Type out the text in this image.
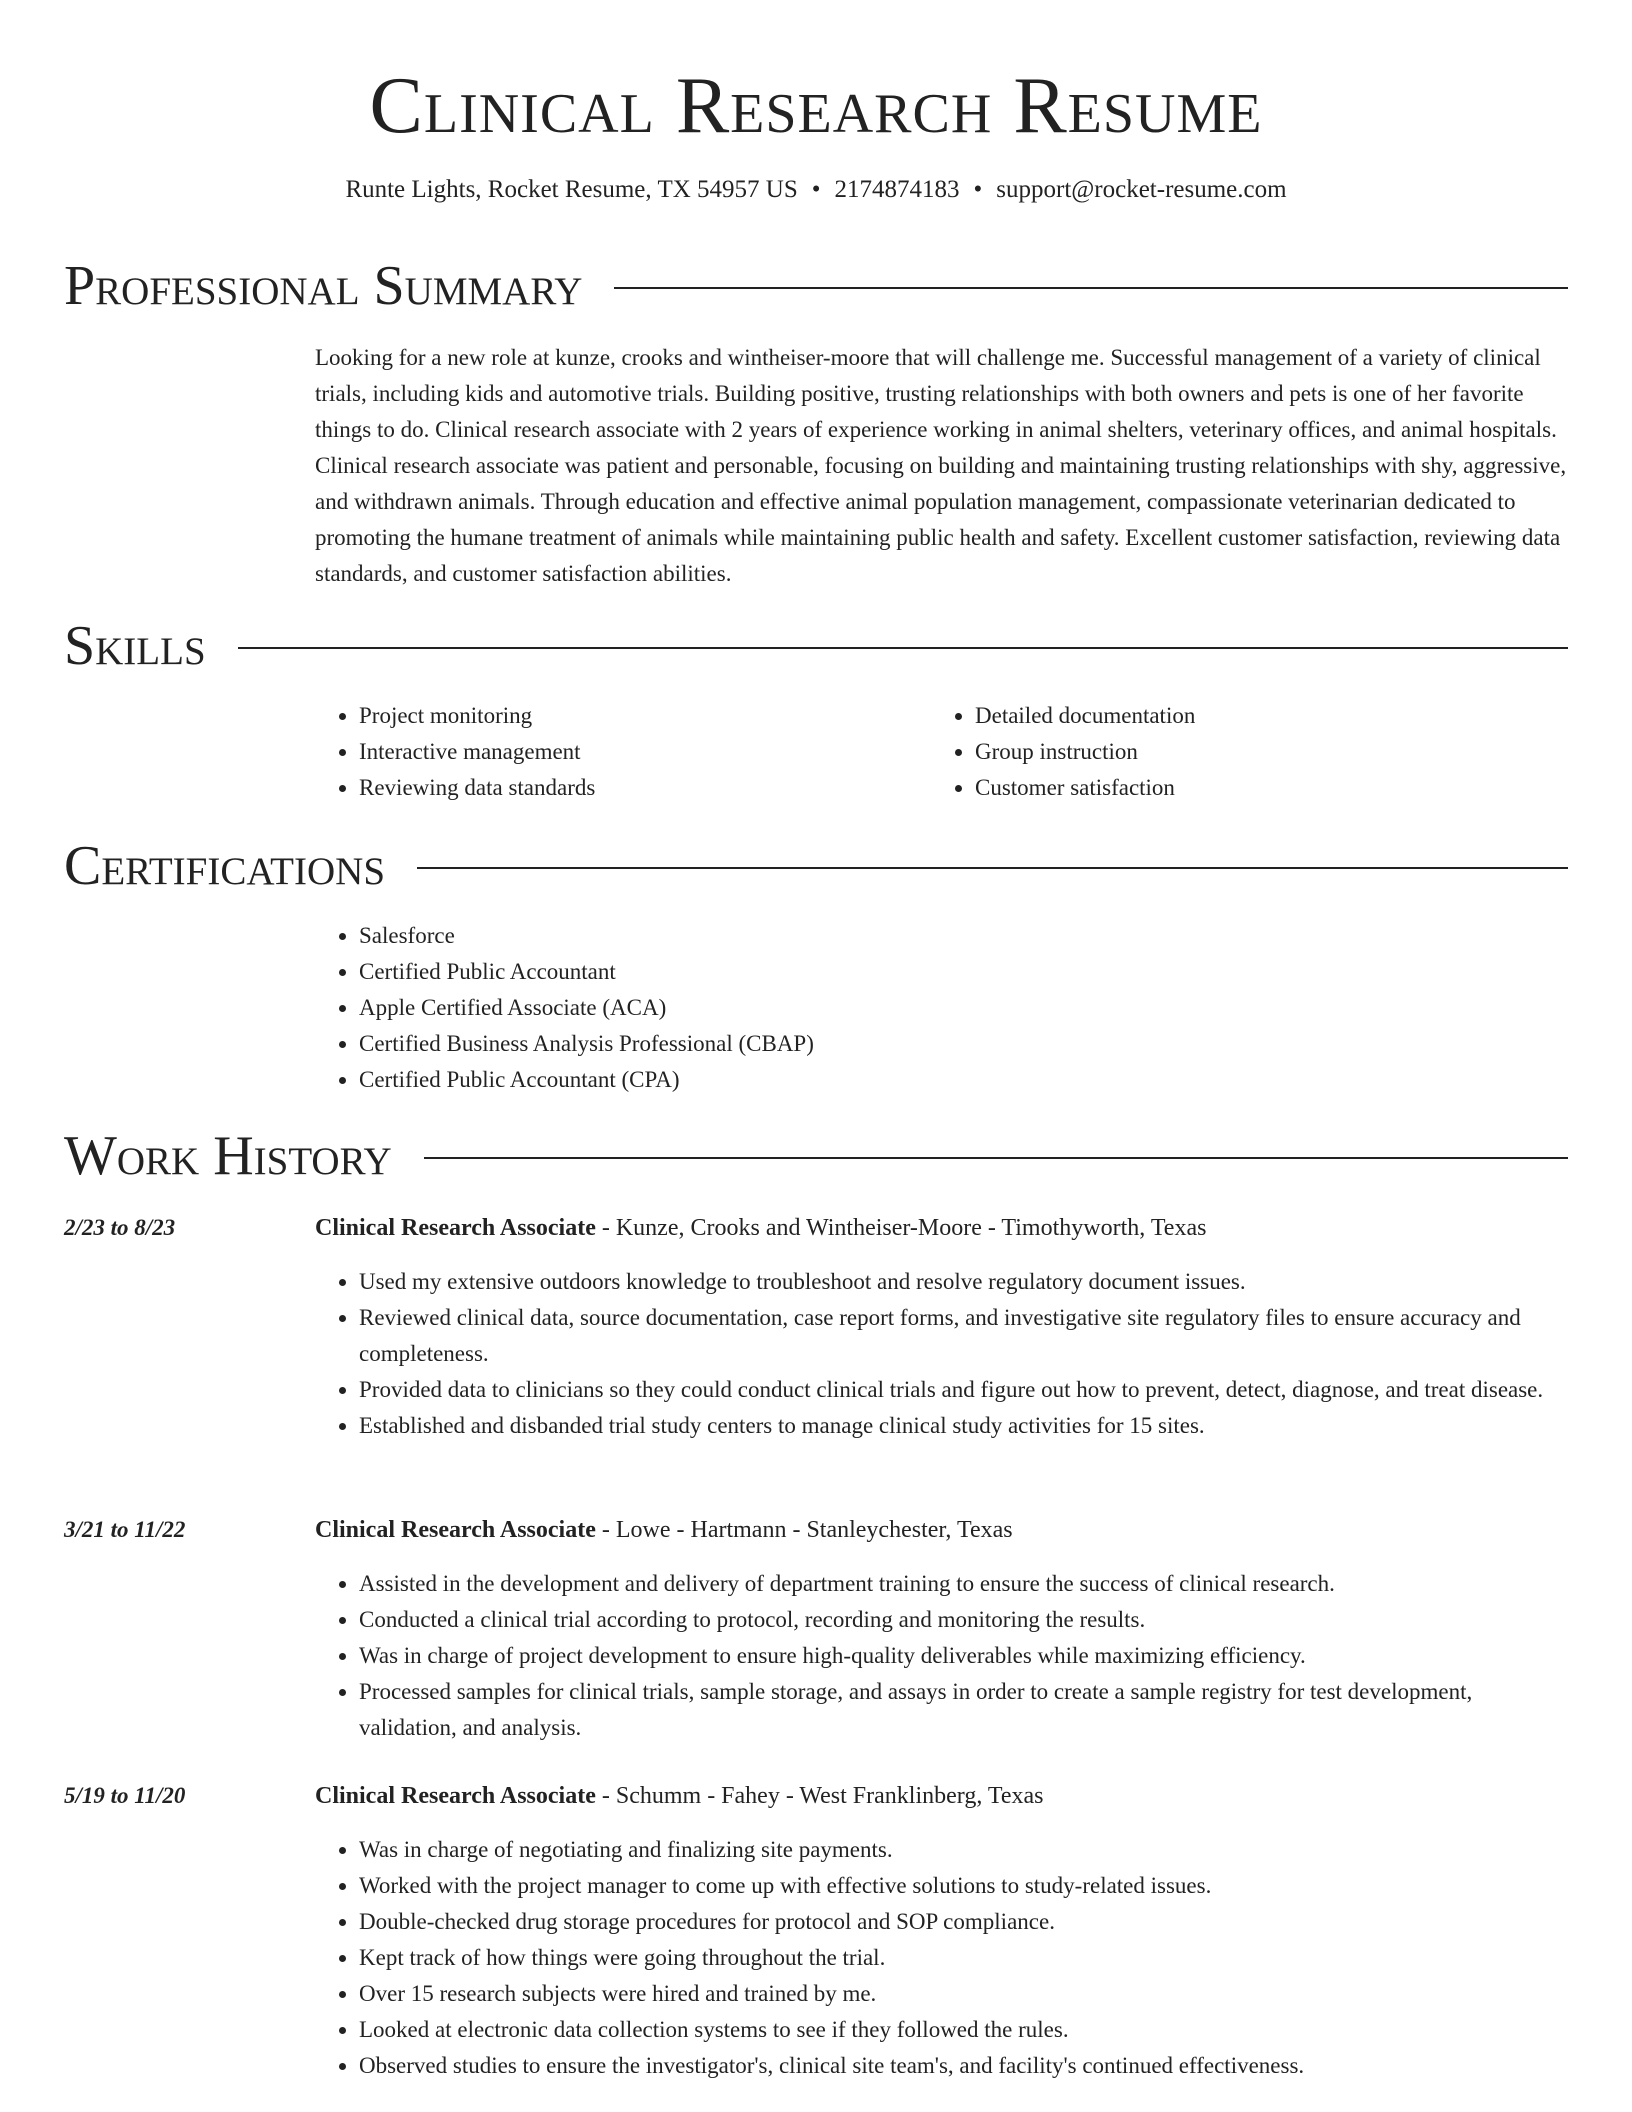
Clinical Research Resume
Runte Lights, Rocket Resume, TX 54957 US • 2174874183 • support@rocket-resume.com
Professional Summary
Looking for a new role at kunze, crooks and wintheiser-moore that will challenge me. Successful management of a variety of clinical trials, including kids and automotive trials. Building positive, trusting relationships with both owners and pets is one of her favorite things to do. Clinical research associate with 2 years of experience working in animal shelters, veterinary offices, and animal hospitals. Clinical research associate was patient and personable, focusing on building and maintaining trusting relationships with shy, aggressive, and withdrawn animals. Through education and effective animal population management, compassionate veterinarian dedicated to promoting the humane treatment of animals while maintaining public health and safety. Excellent customer satisfaction, reviewing data standards, and customer satisfaction abilities.
Skills
• Project monitoring
• Interactive management
• Reviewing data standards
• Detailed documentation
• Group instruction
• Customer satisfaction
Certifications
• Salesforce
• Certified Public Accountant
• Apple Certified Associate (ACA)
• Certified Business Analysis Professional (CBAP)
• Certified Public Accountant (CPA)
Work History
2/23 to 8/23	Clinical Research Associate - Kunze, Crooks and Wintheiser-Moore - Timothyworth, Texas
• Used my extensive outdoors knowledge to troubleshoot and resolve regulatory document issues.
• Reviewed clinical data, source documentation, case report forms, and investigative site regulatory files to ensure accuracy and completeness.
• Provided data to clinicians so they could conduct clinical trials and figure out how to prevent, detect, diagnose, and treat disease.
• Established and disbanded trial study centers to manage clinical study activities for 15 sites.
3/21 to 11/22	Clinical Research Associate - Lowe - Hartmann - Stanleychester, Texas
• Assisted in the development and delivery of department training to ensure the success of clinical research.
• Conducted a clinical trial according to protocol, recording and monitoring the results.
• Was in charge of project development to ensure high-quality deliverables while maximizing efficiency.
• Processed samples for clinical trials, sample storage, and assays in order to create a sample registry for test development, validation, and analysis.
5/19 to 11/20	Clinical Research Associate - Schumm - Fahey - West Franklinberg, Texas
• Was in charge of negotiating and finalizing site payments.
• Worked with the project manager to come up with effective solutions to study-related issues.
• Double-checked drug storage procedures for protocol and SOP compliance.
• Kept track of how things were going throughout the trial.
• Over 15 research subjects were hired and trained by me.
• Looked at electronic data collection systems to see if they followed the rules.
• Observed studies to ensure the investigator's, clinical site team's, and facility's continued effectiveness.
